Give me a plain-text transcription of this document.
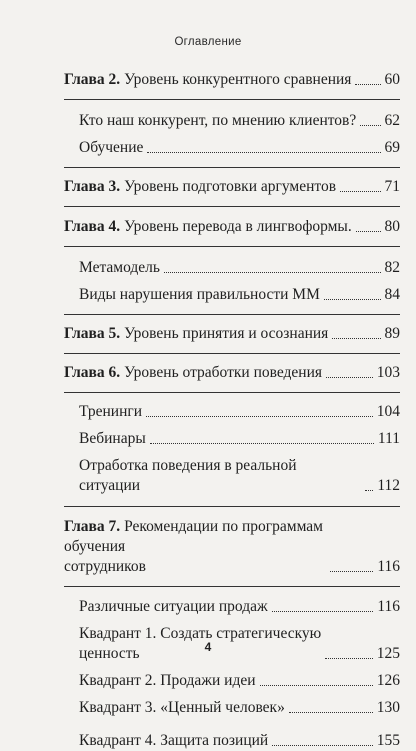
Оглавление
Глава 2. Уровень конкурентного сравнения 60
Кто наш конкурент, по мнению клиентов? 62
Обучение	69
Глава 3. Уровень подготовки аргументов	71
Глава 4. Уровень перевода в лингвоформы. 80
Метамодель	82
Виды нарушения правильности ММ	84
Глава 5. Уровень принятия и осознания	89
Глава 6. Уровень отработки поведения	103
Тренинги	104
Вебинары	111
Отработка поведения в реальной ситуации	112
Глава 7. Рекомендации по программам обучения
сотрудников	116
Различные ситуации продаж	116
Квадрант 1. Создать стратегическую
ценность	125
Квадрант 2. Продажи идеи	126
Квадрант 3. «Ценный человек»	130
Квадрант 4. Защита позиций	155
4
